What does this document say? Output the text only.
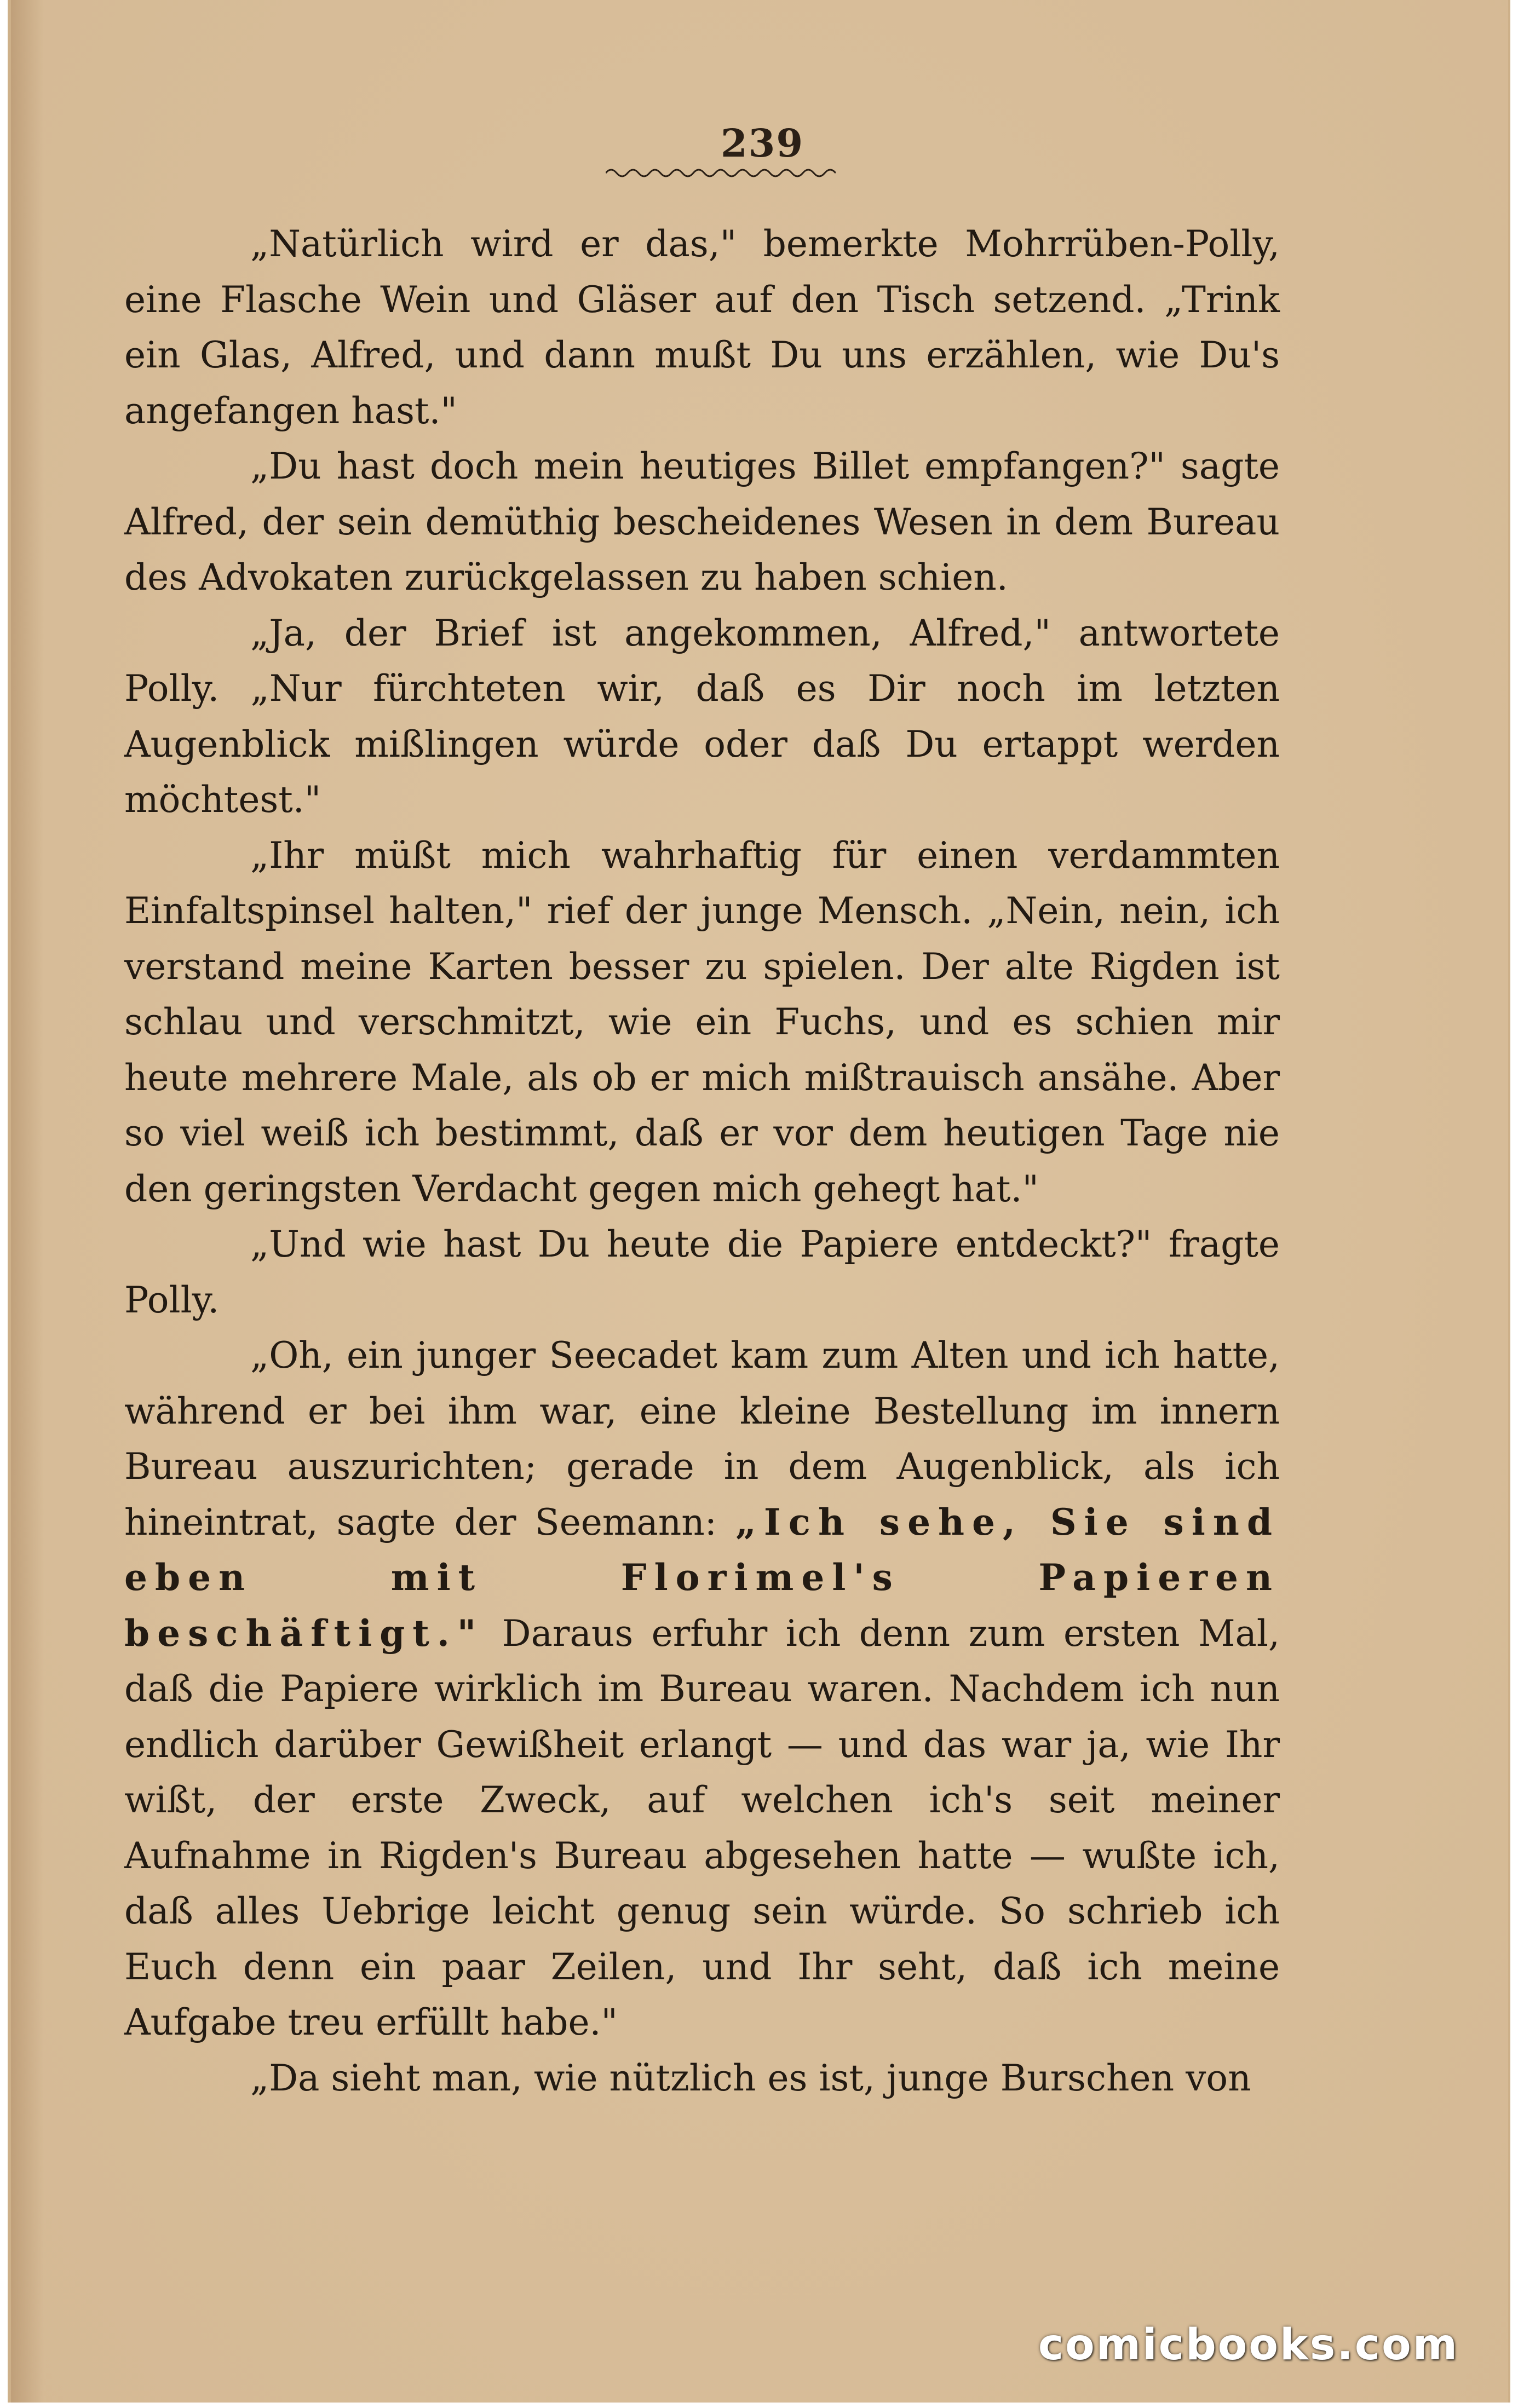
239

„Natürlich wird er das," bemerkte Mohrrüben-Polly, eine Flasche Wein und Gläser auf den Tisch setzend. „Trink ein Glas, Alfred, und dann mußt Du uns erzählen, wie Du's angefangen hast."

„Du hast doch mein heutiges Billet empfangen?" sagte Alfred, der sein demüthig bescheidenes Wesen in dem Bureau des Advokaten zurückgelassen zu haben schien.

„Ja, der Brief ist angekommen, Alfred," antwortete Polly. „Nur fürchteten wir, daß es Dir noch im letzten Augenblick mißlingen würde oder daß Du ertappt werden möchtest."

„Ihr müßt mich wahrhaftig für einen verdammten Einfaltspinsel halten," rief der junge Mensch. „Nein, nein, ich verstand meine Karten besser zu spielen. Der alte Rigden ist schlau und verschmitzt, wie ein Fuchs, und es schien mir heute mehrere Male, als ob er mich mißtrauisch ansähe. Aber so viel weiß ich bestimmt, daß er vor dem heutigen Tage nie den geringsten Verdacht gegen mich gehegt hat."

„Und wie hast Du heute die Papiere entdeckt?" fragte Polly.

„Oh, ein junger Seecadet kam zum Alten und ich hatte, während er bei ihm war, eine kleine Bestellung im innern Bureau auszurichten; gerade in dem Augenblick, als ich hineintrat, sagte der Seemann: „Ich sehe, Sie sind eben mit Florimel's Papieren beschäftigt." Daraus erfuhr ich denn zum ersten Mal, daß die Papiere wirklich im Bureau waren. Nachdem ich nun endlich darüber Gewißheit erlangt — und das war ja, wie Ihr wißt, der erste Zweck, auf welchen ich's seit meiner Aufnahme in Rigden's Bureau abgesehen hatte — wußte ich, daß alles Uebrige leicht genug sein würde. So schrieb ich Euch denn ein paar Zeilen, und Ihr seht, daß ich meine Aufgabe treu erfüllt habe."

„Da sieht man, wie nützlich es ist, junge Burschen von

comicbooks.com
